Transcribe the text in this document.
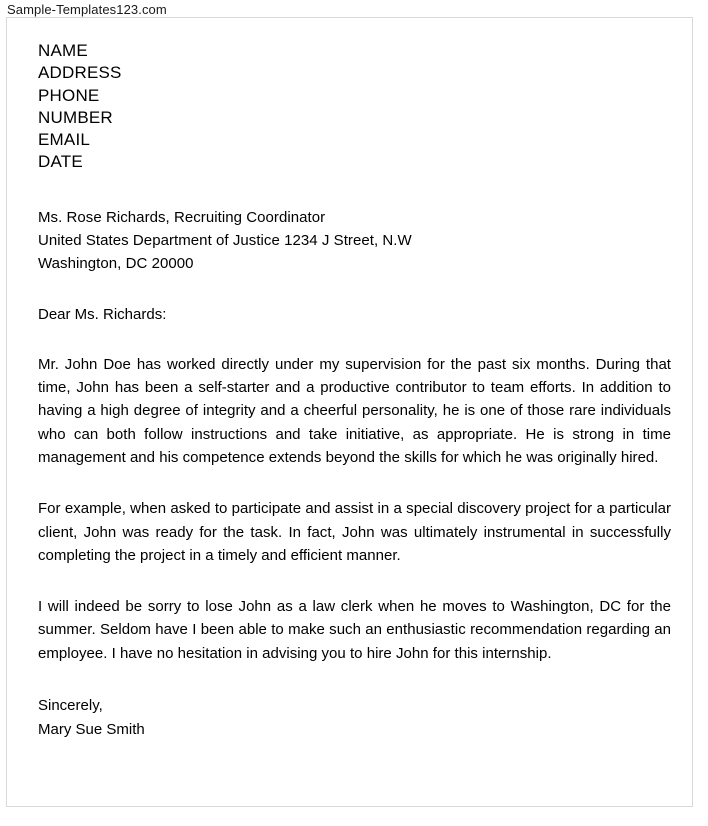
Sample-Templates123.com
NAME
ADDRESS
PHONE
NUMBER
EMAIL
DATE
Ms. Rose Richards, Recruiting Coordinator
United States Department of Justice 1234 J Street, N.W
Washington, DC 20000
Dear Ms. Richards:

Mr. John Doe has worked directly under my supervision for the past six months. During that time, John has been a self-starter and a productive contributor to team efforts. In addition to having a high degree of integrity and a cheerful personality, he is one of those rare individuals who can both follow instructions and take initiative, as appropriate. He is strong in time management and his competence extends beyond the skills for which he was originally hired.

For example, when asked to participate and assist in a special discovery project for a particular client, John was ready for the task. In fact, John was ultimately instrumental in successfully completing the project in a timely and efficient manner.

I will indeed be sorry to lose John as a law clerk when he moves to Washington, DC for the summer. Seldom have I been able to make such an enthusiastic recommendation regarding an employee. I have no hesitation in advising you to hire John for this internship.

Sincerely,
Mary Sue Smith
